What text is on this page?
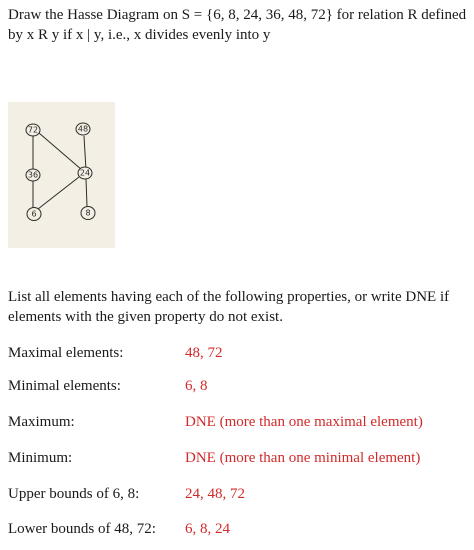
Draw the Hasse Diagram on S = {6, 8, 24, 36, 48, 72} for relation R defined by x R y if x | y, i.e., x divides evenly into y
72	48
36	24
6	8
List all elements having each of the following properties, or write DNE if elements with the given property do not exist.
Maximal elements:	48, 72
Minimal elements:	6, 8
Maximum:	DNE (more than one maximal element)
Minimum:	DNE (more than one minimal element)
Upper bounds of 6, 8:	24, 48, 72
Lower bounds of 48, 72: 6, 8, 24
